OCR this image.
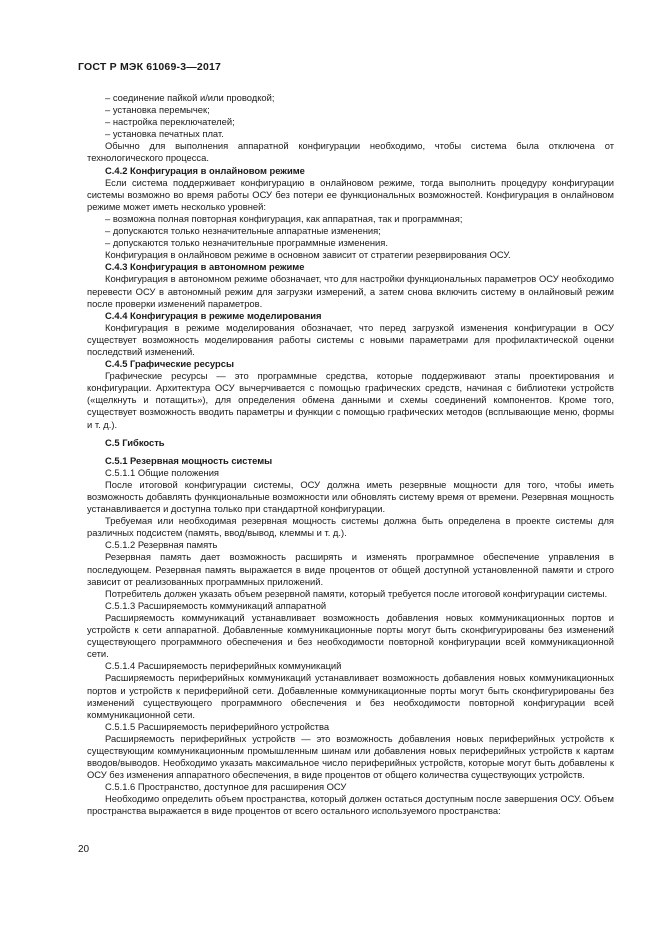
ГОСТ Р МЭК 61069-3—2017

– соединение пайкой и/или проводкой;

– установка перемычек;

– настройка переключателей;

– установка печатных плат.

Обычно для выполнения аппаратной конфигурации необходимо, чтобы система была отключена от технологического процесса.

C.4.2 Конфигурация в онлайновом режиме

Если система поддерживает конфигурацию в онлайновом режиме, тогда выполнить процедуру конфигурации системы возможно во время работы ОСУ без потери ее функциональных возможностей. Конфигурация в онлайновом режиме может иметь несколько уровней:

– возможна полная повторная конфигурация, как аппаратная, так и программная;

– допускаются только незначительные аппаратные изменения;

– допускаются только незначительные программные изменения.

Конфигурация в онлайновом режиме в основном зависит от стратегии резервирования ОСУ.

C.4.3 Конфигурация в автономном режиме

Конфигурация в автономном режиме обозначает, что для настройки функциональных параметров ОСУ необходимо перевести ОСУ в автономный режим для загрузки измерений, а затем снова включить систему в онлайновый режим после проверки изменений параметров.

C.4.4 Конфигурация в режиме моделирования

Конфигурация в режиме моделирования обозначает, что перед загрузкой изменения конфигурации в ОСУ существует возможность моделирования работы системы с новыми параметрами для профилактической оценки последствий изменений.

C.4.5 Графические ресурсы

Графические ресурсы — это программные средства, которые поддерживают этапы проектирования и конфигурации. Архитектура ОСУ вычерчивается с помощью графических средств, начиная с библиотеки устройств («щелкнуть и потащить»), для определения обмена данными и схемы соединений компонентов. Кроме того, существует возможность вводить параметры и функции с помощью графических методов (всплывающие меню, формы и т. д.).

С.5 Гибкость

С.5.1 Резервная мощность системы

С.5.1.1 Общие положения

После итоговой конфигурации системы, ОСУ должна иметь резервные мощности для того, чтобы иметь возможность добавлять функциональные возможности или обновлять систему время от времени. Резервная мощность устанавливается и доступна только при стандартной конфигурации.

Требуемая или необходимая резервная мощность системы должна быть определена в проекте системы для различных подсистем (память, ввод/вывод, клеммы и т. д.).

С.5.1.2 Резервная память

Резервная память дает возможность расширять и изменять программное обеспечение управления в последующем. Резервная память выражается в виде процентов от общей доступной установленной памяти и строго зависит от реализованных программных приложений.

Потребитель должен указать объем резервной памяти, который требуется после итоговой конфигурации системы.

С.5.1.3 Расширяемость коммуникаций аппаратной

Расширяемость коммуникаций устанавливает возможность добавления новых коммуникационных портов и устройств к сети аппаратной. Добавленные коммуникационные порты могут быть сконфигурированы без изменений существующего программного обеспечения и без необходимости повторной конфигурации всей коммуникационной сети.

С.5.1.4 Расширяемость периферийных коммуникаций

Расширяемость периферийных коммуникаций устанавливает возможность добавления новых коммуникационных портов и устройств к периферийной сети. Добавленные коммуникационные порты могут быть сконфигурированы без изменений существующего программного обеспечения и без необходимости повторной конфигурации всей коммуникационной сети.

С.5.1.5 Расширяемость периферийного устройства

Расширяемость периферийных устройств — это возможность добавления новых периферийных устройств к существующим коммуникационным промышленным шинам или добавления новых периферийных устройств к картам вводов/выводов. Необходимо указать максимальное число периферийных устройств, которые могут быть добавлены к ОСУ без изменения аппаратного обеспечения, в виде процентов от общего количества существующих устройств.

С.5.1.6 Пространство, доступное для расширения ОСУ

Необходимо определить объем пространства, который должен остаться доступным после завершения ОСУ. Объем пространства выражается в виде процентов от всего остального используемого пространства:

20
